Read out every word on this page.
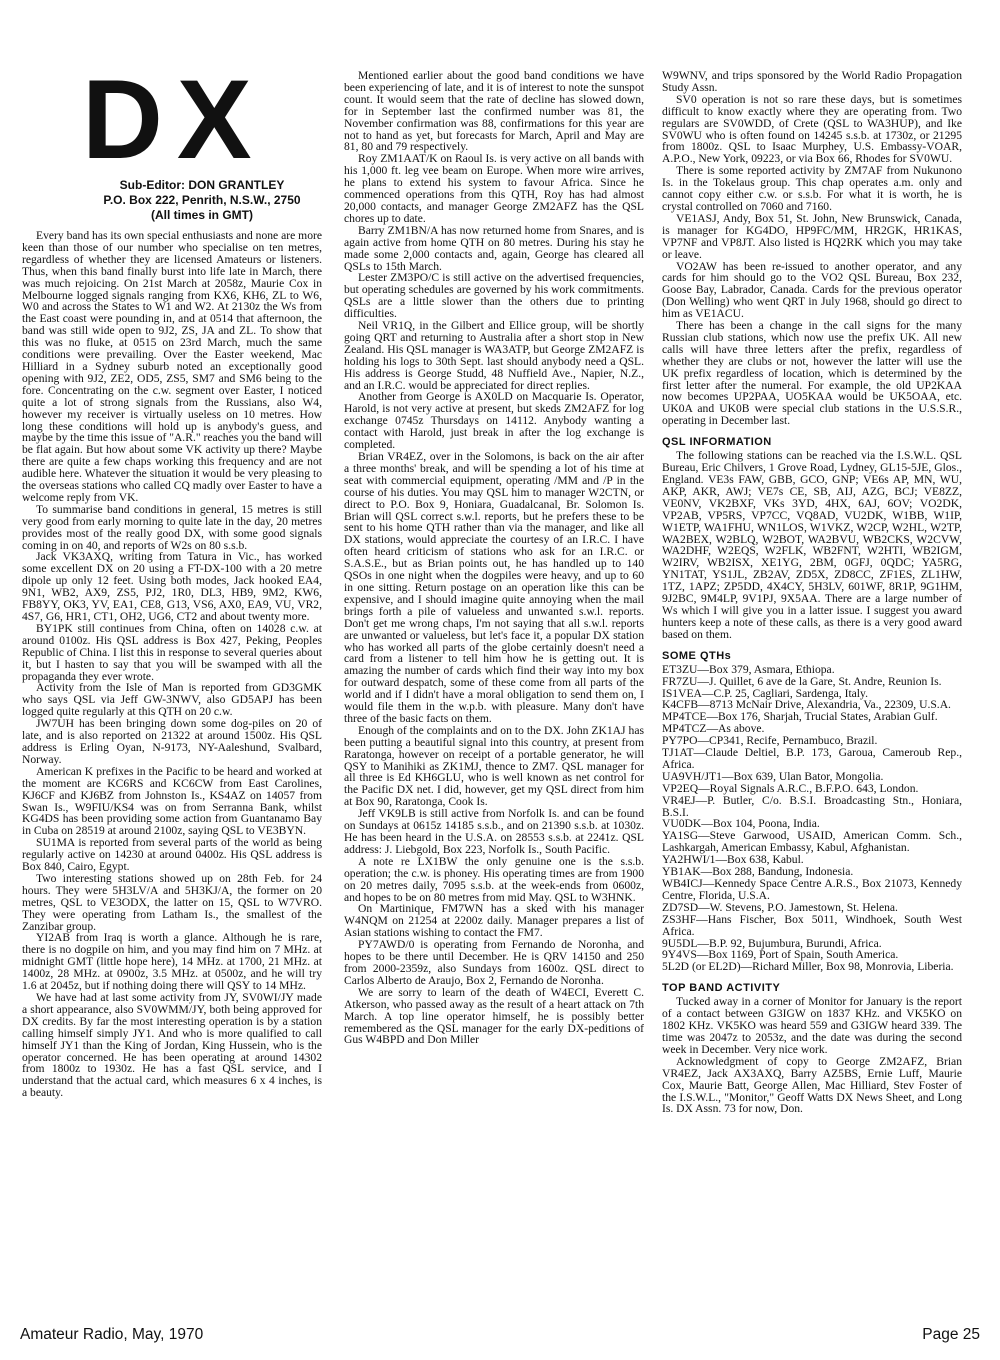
DX
Sub-Editor: DON GRANTLEY
P.O. Box 222, Penrith, N.S.W., 2750
(All times in GMT)

Every band has its own special enthusiasts and none are more keen than those of our number who specialise on ten metres, regardless of whether they are licensed Amateurs or listeners. Thus, when this band finally burst into life late in March, there was much rejoicing. On 21st March at 2058z, Maurie Cox in Melbourne logged signals ranging from KX6, KH6, ZL to W6, W0 and across the States to W1 and W2. At 2130z the Ws from the East coast were pounding in, and at 0514 that afternoon, the band was still wide open to 9J2, ZS, JA and ZL. To show that this was no fluke, at 0515 on 23rd March, much the same conditions were prevailing. Over the Easter weekend, Mac Hilliard in a Sydney suburb noted an exceptionally good opening with 9J2, ZE2, OD5, ZS5, SM7 and SM6 being to the fore. Concentrating on the c.w. segment over Easter, I noticed quite a lot of strong signals from the Russians, also W4, however my receiver is virtually useless on 10 metres. How long these conditions will hold up is anybody's guess, and maybe by the time this issue of "A.R." reaches you the band will be flat again. But how about some VK activity up there? Maybe there are quite a few chaps working this frequency and are not audible here. Whatever the situation it would be very pleasing to the overseas stations who called CQ madly over Easter to have a welcome reply from VK.

To summarise band conditions in general, 15 metres is still very good from early morning to quite late in the day, 20 metres provides most of the really good DX, with some good signals coming in on 40, and reports of W2s on 80 s.s.b.

Jack VK3AXQ, writing from Tatura in Vic., has worked some excellent DX on 20 using a FT-DX-100 with a 20 metre dipole up only 12 feet. Using both modes, Jack hooked EA4, 9N1, WB2, AX9, ZS5, PJ2, 1R0, DL3, HB9, 9M2, KW6, FB8YY, OK3, YV, EA1, CE8, G13, VS6, AX0, EA9, VU, VR2, 4S7, G6, HR1, CT1, OH2, UG6, CT2 and about twenty more.

BY1PK still continues from China, often on 14028 c.w. at around 0100z. His QSL address is Box 427, Peking, Peoples Republic of China. I list this in response to several queries about it, but I hasten to say that you will be swamped with all the propaganda they ever wrote.

Activity from the Isle of Man is reported from GD3GMK who says QSL via Jeff GW-3NWV, also GD5APJ has been logged quite regularly at this QTH on 20 c.w.

JW7UH has been bringing down some dog-piles on 20 of late, and is also reported on 21322 at around 1500z. His QSL address is Erling Oyan, N-9173, NY-Aaleshund, Svalbard, Norway.

American K prefixes in the Pacific to be heard and worked at the moment are KC6RS and KC6CW from East Carolines, KJ6CF and KJ6BZ from Johnston Is., KS4AZ on 14057 from Swan Is., W9FIU/KS4 was on from Serranna Bank, whilst KG4DS has been providing some action from Guantanamo Bay in Cuba on 28519 at around 2100z, saying QSL to VE3BYN.

SU1MA is reported from several parts of the world as being regularly active on 14230 at around 0400z. His QSL address is Box 840, Cairo, Egypt.

Two interesting stations showed up on 28th Feb. for 24 hours. They were 5H3LV/A and 5H3KJ/A, the former on 20 metres, QSL to VE3ODX, the latter on 15, QSL to W7VRO. They were operating from Latham Is., the smallest of the Zanzibar group.

YI2AB from Iraq is worth a glance. Although he is rare, there is no dogpile on him, and you may find him on 7 MHz. at midnight GMT (little hope here), 14 MHz. at 1700, 21 MHz. at 1400z, 28 MHz. at 0900z, 3.5 MHz. at 0500z, and he will try 1.6 at 2045z, but if nothing doing there will QSY to 14 MHz.

We have had at last some activity from JY, SV0WI/JY made a short appearance, also SV0WMM/JY, both being approved for DX credits. By far the most interesting operation is by a station calling himself simply JY1. And who is more qualified to call himself JY1 than the King of Jordan, King Hussein, who is the operator concerned. He has been operating at around 14302 from 1800z to 1930z. He has a fast QSL service, and I understand that the actual card, which measures 6 x 4 inches, is a beauty.

Mentioned earlier about the good band conditions we have been experiencing of late, and it is of interest to note the sunspot count. It would seem that the rate of decline has slowed down, for in September last the confirmed number was 81, the November confirmation was 88, confirmations for this year are not to hand as yet, but forecasts for March, April and May are 81, 80 and 79 respectively.

Roy ZM1AAT/K on Raoul Is. is very active on all bands with his 1,000 ft. leg vee beam on Europe. When more wire arrives, he plans to extend his system to favour Africa. Since he commenced operations from this QTH, Roy has had almost 20,000 contacts, and manager George ZM2AFZ has the QSL chores up to date.

Barry ZM1BN/A has now returned home from Snares, and is again active from home QTH on 80 metres. During his stay he made some 2,000 contacts and, again, George has cleared all QSLs to 15th March.

Lester ZM3PO/C is still active on the advertised frequencies, but operating schedules are governed by his work commitments. QSLs are a little slower than the others due to printing difficulties.

Neil VR1Q, in the Gilbert and Ellice group, will be shortly going QRT and returning to Australia after a short stop in New Zealand. His QSL manager is WA3ATP, but George ZM2AFZ is holding his logs to 30th Sept. last should anybody need a QSL. His address is George Studd, 48 Nuffield Ave., Napier, N.Z., and an I.R.C. would be appreciated for direct replies.

Another from George is AX0LD on Macquarie Is. Operator, Harold, is not very active at present, but skeds ZM2AFZ for log exchange 0745z Thursdays on 14112. Anybody wanting a contact with Harold, just break in after the log exchange is completed.

Brian VR4EZ, over in the Solomons, is back on the air after a three months' break, and will be spending a lot of his time at seat with commercial equipment, operating /MM and /P in the course of his duties. You may QSL him to manager W2CTN, or direct to P.O. Box 9, Honiara, Guadalcanal, Br. Solomon Is. Brian will QSL correct s.w.l. reports, but he prefers these to be sent to his home QTH rather than via the manager, and like all DX stations, would appreciate the courtesy of an I.R.C. I have often heard criticism of stations who ask for an I.R.C. or S.A.S.E., but as Brian points out, he has handled up to 140 QSOs in one night when the dogpiles were heavy, and up to 60 in one sitting. Return postage on an operation like this can be expensive, and I should imagine quite annoying when the mail brings forth a pile of valueless and unwanted s.w.l. reports. Don't get me wrong chaps, I'm not saying that all s.w.l. reports are unwanted or valueless, but let's face it, a popular DX station who has worked all parts of the globe certainly doesn't need a card from a listener to tell him how he is getting out. It is amazing the number of cards which find their way into my box for outward despatch, some of these come from all parts of the world and if I didn't have a moral obligation to send them on, I would file them in the w.p.b. with pleasure. Many don't have three of the basic facts on them.

Enough of the complaints and on to the DX. John ZK1AJ has been putting a beautiful signal into this country, at present from Raratonga, however on receipt of a portable generator, he will QSY to Manihiki as ZK1MJ, thence to ZM7. QSL manager for all three is Ed KH6GLU, who is well known as net control for the Pacific DX net. I did, however, get my QSL direct from him at Box 90, Raratonga, Cook Is.

Jeff VK9LB is still active from Norfolk Is. and can be found on Sundays at 0615z 14185 s.s.b., and on 21390 s.s.b. at 1030z. He has been heard in the U.S.A. on 28553 s.s.b. at 2241z. QSL address: J. Liebgold, Box 223, Norfolk Is., South Pacific.

A note re LX1BW the only genuine one is the s.s.b. operation; the c.w. is phoney. His operating times are from 1900 on 20 metres daily, 7095 s.s.b. at the week-ends from 0600z, and hopes to be on 80 metres from mid May. QSL to W3HNK.

On Martinique, FM7WN has a sked with his manager W4NQM on 21254 at 2200z daily. Manager prepares a list of Asian stations wishing to contact the FM7.

PY7AWD/0 is operating from Fernando de Noronha, and hopes to be there until December. He is QRV 14150 and 250 from 2000-2359z, also Sundays from 1600z. QSL direct to Carlos Alberto de Araujo, Box 2, Fernando de Noronha.

We are sorry to learn of the death of W4ECI, Everett C. Atkerson, who passed away as the result of a heart attack on 7th March. A top line operator himself, he is possibly better remembered as the QSL manager for the early DX-peditions of Gus W4BPD and Don Miller

W9WNV, and trips sponsored by the World Radio Propagation Study Assn.

SV0 operation is not so rare these days, but is sometimes difficult to know exactly where they are operating from. Two regulars are SV0WDD, of Crete (QSL to WA3HUP), and Ike SV0WU who is often found on 14245 s.s.b. at 1730z, or 21295 from 1800z. QSL to Isaac Murphey, U.S. Embassy-VOAR, A.P.O., New York, 09223, or via Box 66, Rhodes for SV0WU.

There is some reported activity by ZM7AF from Nukunono Is. in the Tokelaus group. This chap operates a.m. only and cannot copy either c.w. or s.s.b. For what it is worth, he is crystal controlled on 7060 and 7160.

VE1ASJ, Andy, Box 51, St. John, New Brunswick, Canada, is manager for KG4DO, HP9FC/MM, HR2GK, HR1KAS, VP7NF and VP8JT. Also listed is HQ2RK which you may take or leave.

VO2AW has been re-issued to another operator, and any cards for him should go to the VO2 QSL Bureau, Box 232, Goose Bay, Labrador, Canada. Cards for the previous operator (Don Welling) who went QRT in July 1968, should go direct to him as VE1ACU.

There has been a change in the call signs for the many Russian club stations, which now use the prefix UK. All new calls will have three letters after the prefix, regardless of whether they are clubs or not, however the latter will use the UK prefix regardless of location, which is determined by the first letter after the numeral. For example, the old UP2KAA now becomes UP2PAA, UO5KAA would be UK5OAA, etc. UK0A and UK0B were special club stations in the U.S.S.R., operating in December last.

QSL INFORMATION

The following stations can be reached via the I.S.W.L. QSL Bureau, Eric Chilvers, 1 Grove Road, Lydney, GL15-5JE, Glos., England. VE3s FAW, GBB, GCO, GNP; VE6s AP, MN, WU, AKP, AKR, AWJ; VE7s CE, SB, AIJ, AZG, BCJ; VE8ZZ, VE0NV, VK2BXF, VKs 3YD, 4HX, 6AJ, 6OV; VO2DK, VP2AB, VP5RS, VP7CC, VQ8AD, VU2DK, W1BB, W1IP, W1ETP, WA1FHU, WN1LOS, W1VKZ, W2CP, W2HL, W2TP, WA2BEX, W2BLQ, W2BOT, WA2BVU, WB2CKS, W2CVW, WA2DHF, W2EQS, W2FLK, WB2FNT, W2HTI, WB2IGM, W2IRV, WB2ISX, XE1YG, 2BM, 0GFJ, 0QDC; YA5RG, YN1TAT, YS1JL, ZB2AV, ZD5X, ZD8CC, ZF1ES, ZL1HW, 1TZ, 1APZ; ZP5DD, 4X4CY, 5H3LV, 601WF, 8R1P, 9G1HM, 9J2BC, 9M4LP, 9V1PJ, 9X5AA. There are a large number of Ws which I will give you in a latter issue. I suggest you award hunters keep a note of these calls, as there is a very good award based on them.

SOME QTHs

ET3ZU—Box 379, Asmara, Ethiopa.

FR7ZU—J. Quillet, 6 ave de la Gare, St. Andre, Reunion Is.

IS1VEA—C.P. 25, Cagliari, Sardenga, Italy.

K4CFB—8713 McNair Drive, Alexandria, Va., 22309, U.S.A.

MP4TCE—Box 176, Sharjah, Trucial States, Arabian Gulf.

MP4TCZ—As above.

PY7PO—CP341, Recife, Pernambuco, Brazil.

TJ1AT—Claude Deltiel, B.P. 173, Garoua, Cameroub Rep., Africa.

UA9VH/JT1—Box 639, Ulan Bator, Mongolia.

VP2EQ—Royal Signals A.R.C., B.F.P.O. 643, London.

VR4EJ—P. Butler, C/o. B.S.I. Broadcasting Stn., Honiara, B.S.I.

VU0DK—Box 104, Poona, India.

YA1SG—Steve Garwood, USAID, American Comm. Sch., Lashkargah, American Embassy, Kabul, Afghanistan.

YA2HWI/1—Box 638, Kabul.

YB1AK—Box 288, Bandung, Indonesia.

WB4ICJ—Kennedy Space Centre A.R.S., Box 21073, Kennedy Centre, Florida, U.S.A.

ZD7SD—W. Stevens, P.O. Jamestown, St. Helena.

ZS3HF—Hans Fischer, Box 5011, Windhoek, South West Africa.

9U5DL—B.P. 92, Bujumbura, Burundi, Africa.

9Y4VS—Box 1169, Port of Spain, South America.

5L2D (or EL2D)—Richard Miller, Box 98, Monrovia, Liberia.

TOP BAND ACTIVITY

Tucked away in a corner of Monitor for January is the report of a contact between G3IGW on 1837 KHz. and VK5KO on 1802 KHz. VK5KO was heard 559 and G3IGW heard 339. The time was 2047z to 2053z, and the date was during the second week in December. Very nice work.

Acknowledgment of copy to George ZM2AFZ, Brian VR4EZ, Jack AX3AXQ, Barry AZ5BS, Ernie Luff, Maurie Cox, Maurie Batt, George Allen, Mac Hilliard, Stev Foster of the I.S.W.L., "Monitor," Geoff Watts DX News Sheet, and Long Is. DX Assn. 73 for now, Don.

Amateur Radio, May, 1970	Page 25
